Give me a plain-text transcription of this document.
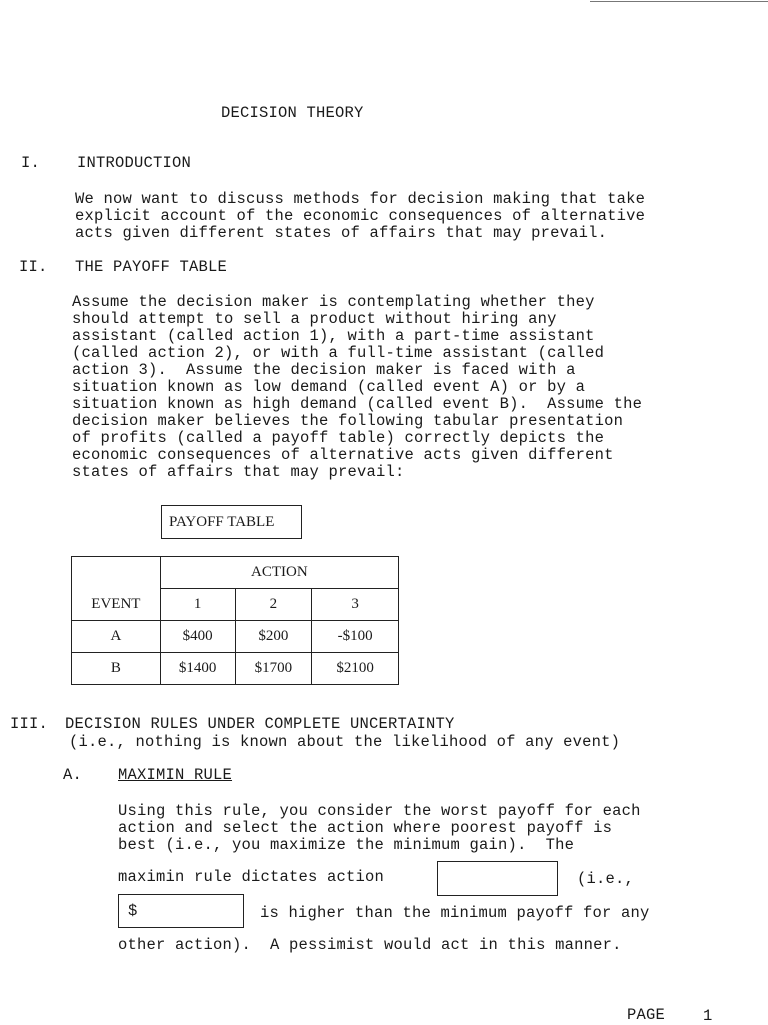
DECISION THEORY
I. INTRODUCTION
We now want to discuss methods for decision making that take
explicit account of the economic consequences of alternative
acts given different states of affairs that may prevail.
II. THE PAYOFF TABLE
Assume the decision maker is contemplating whether they
should attempt to sell a product without hiring any
assistant (called action 1), with a part-time assistant
(called action 2), or with a full-time assistant (called
action 3).  Assume the decision maker is faced with a
situation known as low demand (called event A) or by a
situation known as high demand (called event B).  Assume the
decision maker believes the following tabular presentation
of profits (called a payoff table) correctly depicts the
economic consequences of alternative acts given different
states of affairs that may prevail:
PAYOFF TABLE
	ACTION		
EVENT	1	2	3
A	$400	$200	-$100
B	$1400	$1700	$2100
III. DECISION RULES UNDER COMPLETE UNCERTAINTY
(i.e., nothing is known about the likelihood of any event)
A. MAXIMIN RULE
Using this rule, you consider the worst payoff for each
action and select the action where poorest payoff is
best (i.e., you maximize the minimum gain).  The
maximin rule dictates action	(i.e.,
$	is higher than the minimum payoff for any
other action).  A pessimist would act in this manner.
PAGE 1
